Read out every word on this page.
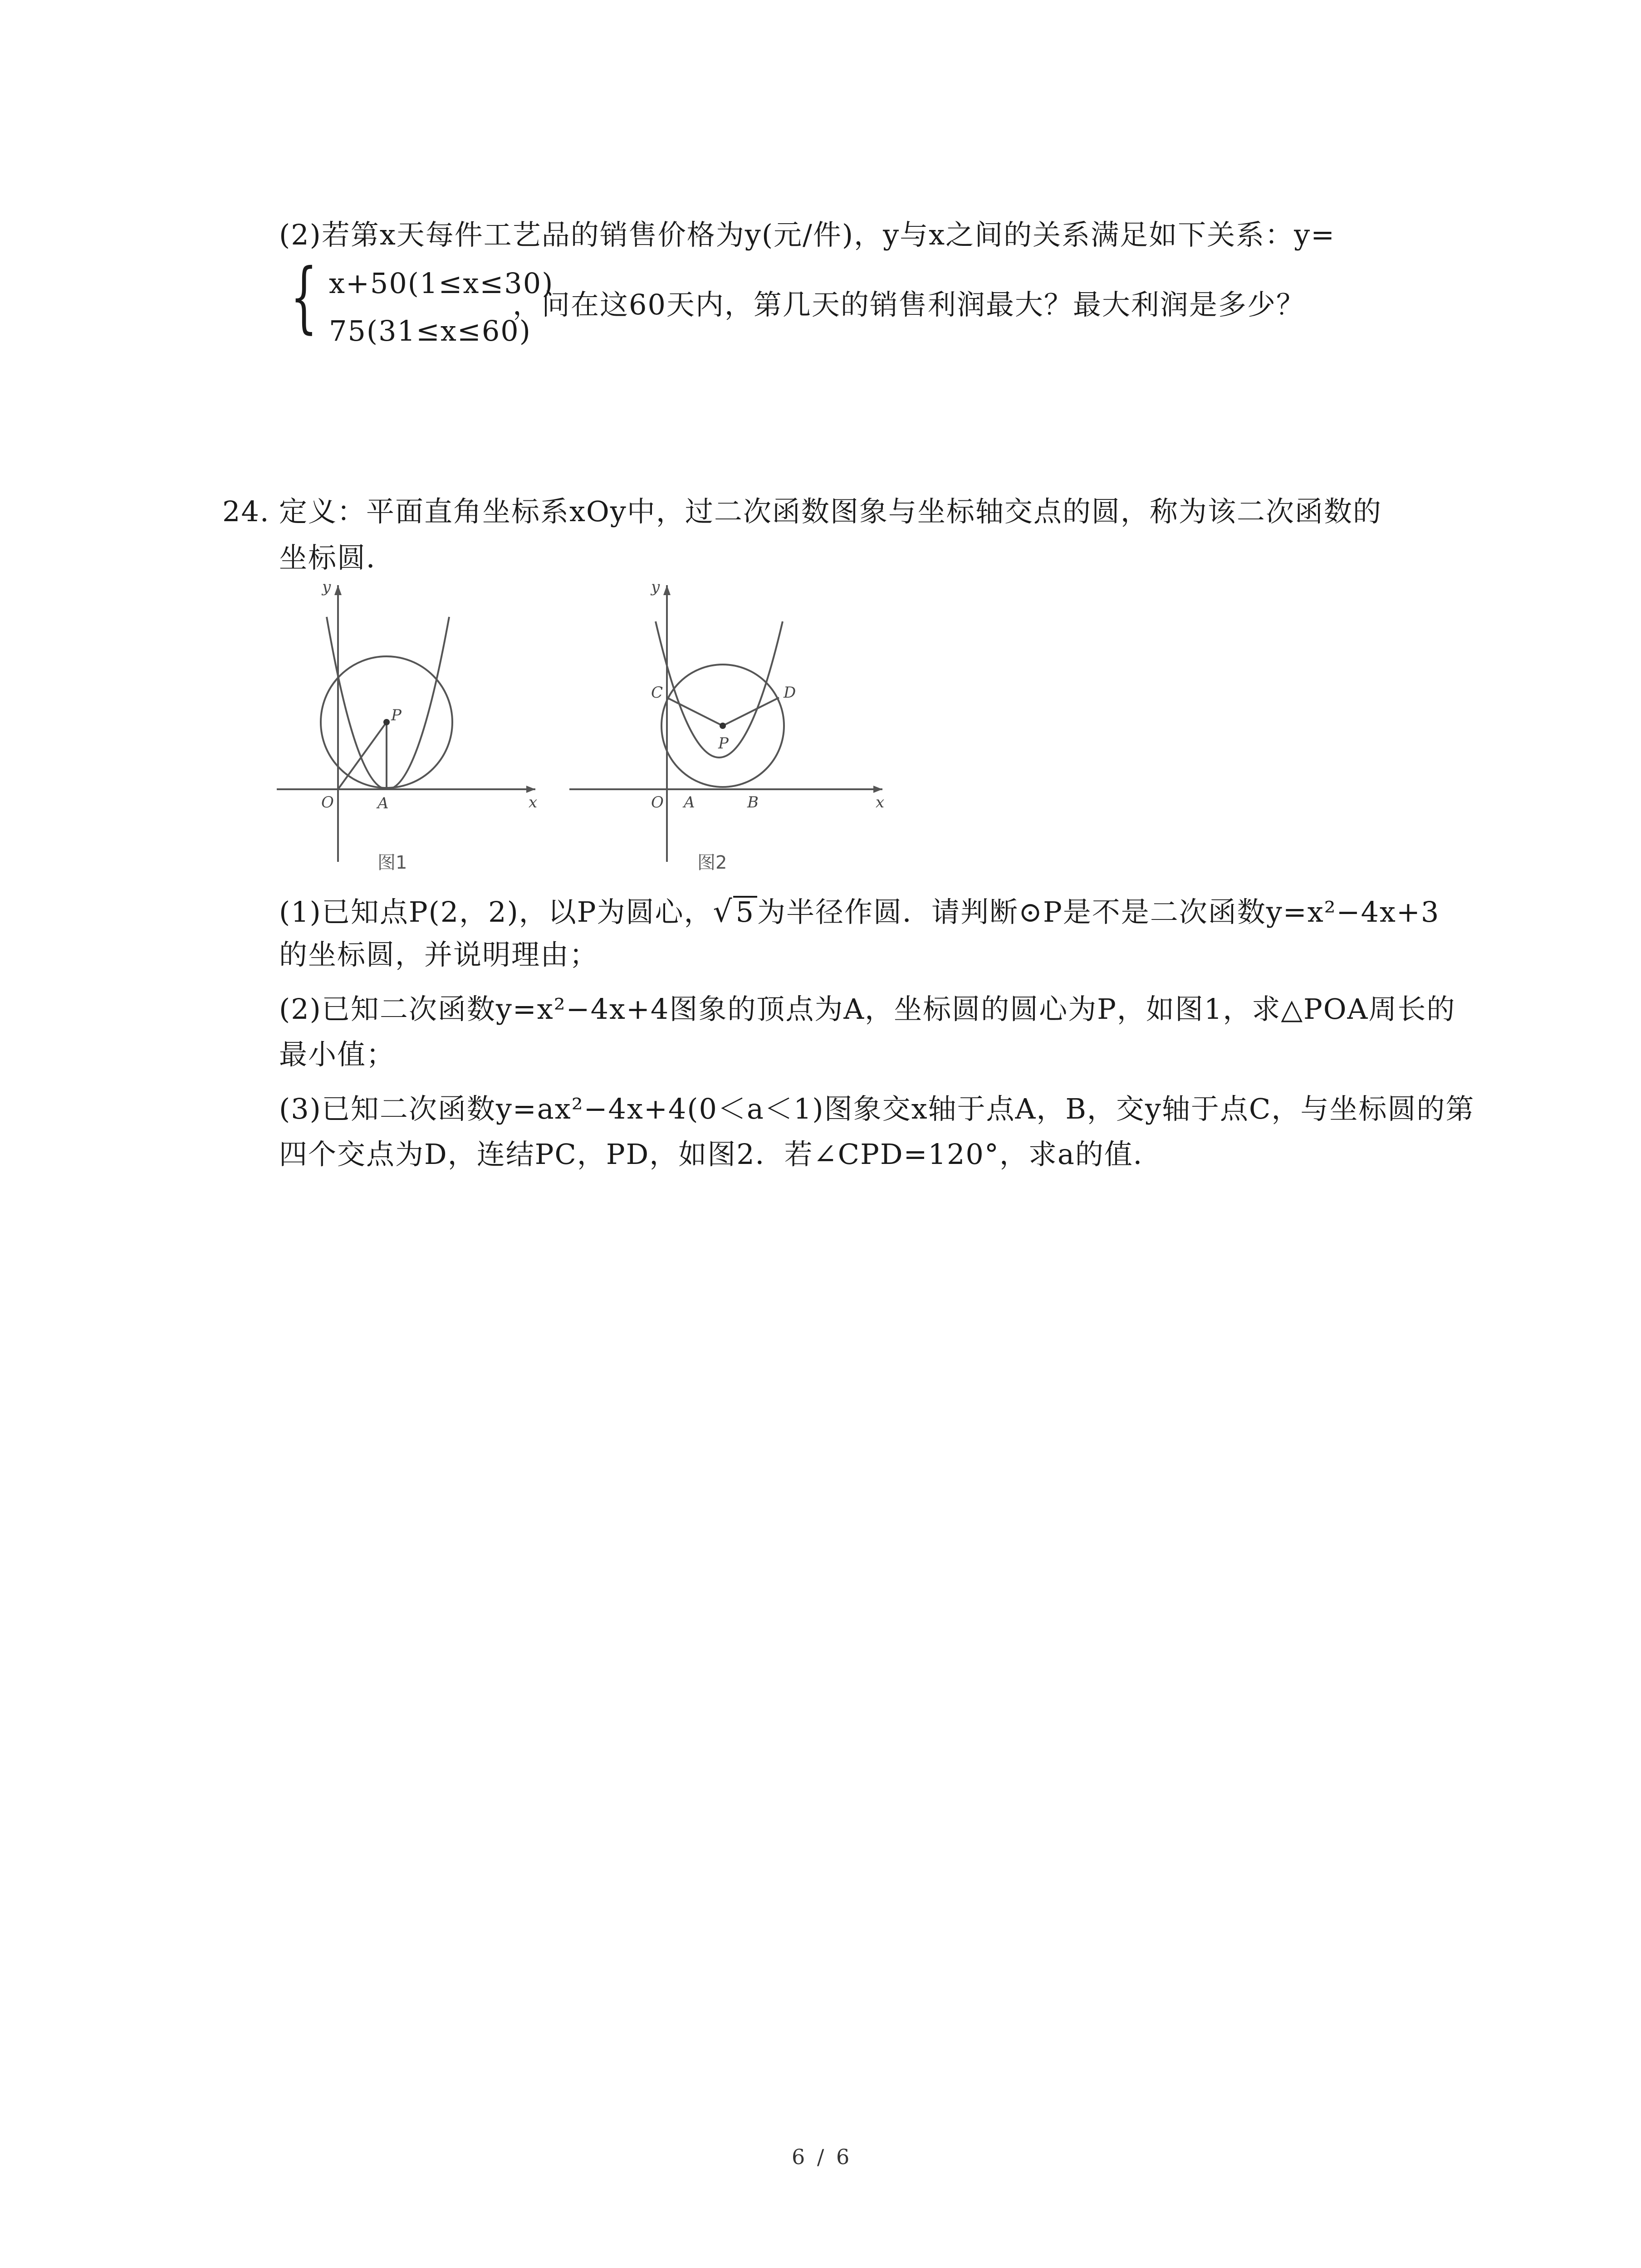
(2)若第x天每件工艺品的销售价格为y(元/件)，y与x之间的关系满足如下关系：y=
{ x+50(1≤x≤30)
75(31≤x≤60)
，问在这60天内，第几天的销售利润最大？最大利润是多少？
24. 定义：平面直角坐标系xOy中，过二次函数图象与坐标轴交点的圆，称为该二次函数的
坐标圆．
x
y
O	A
P
图1
x
y
O A	B
C	D
P
图2
(1)已知点P(2，2)，以P为圆心，√5为半径作圆．请判断⊙P是不是二次函数y=x²−4x+3
的坐标圆，并说明理由；
(2)已知二次函数y=x²−4x+4图象的顶点为A，坐标圆的圆心为P，如图1，求△POA周长的
最小值；
(3)已知二次函数y=ax²−4x+4(0＜a＜1)图象交x轴于点A，B，交y轴于点C，与坐标圆的第
四个交点为D，连结PC，PD，如图2．若∠CPD=120°，求a的值．
6 / 6
